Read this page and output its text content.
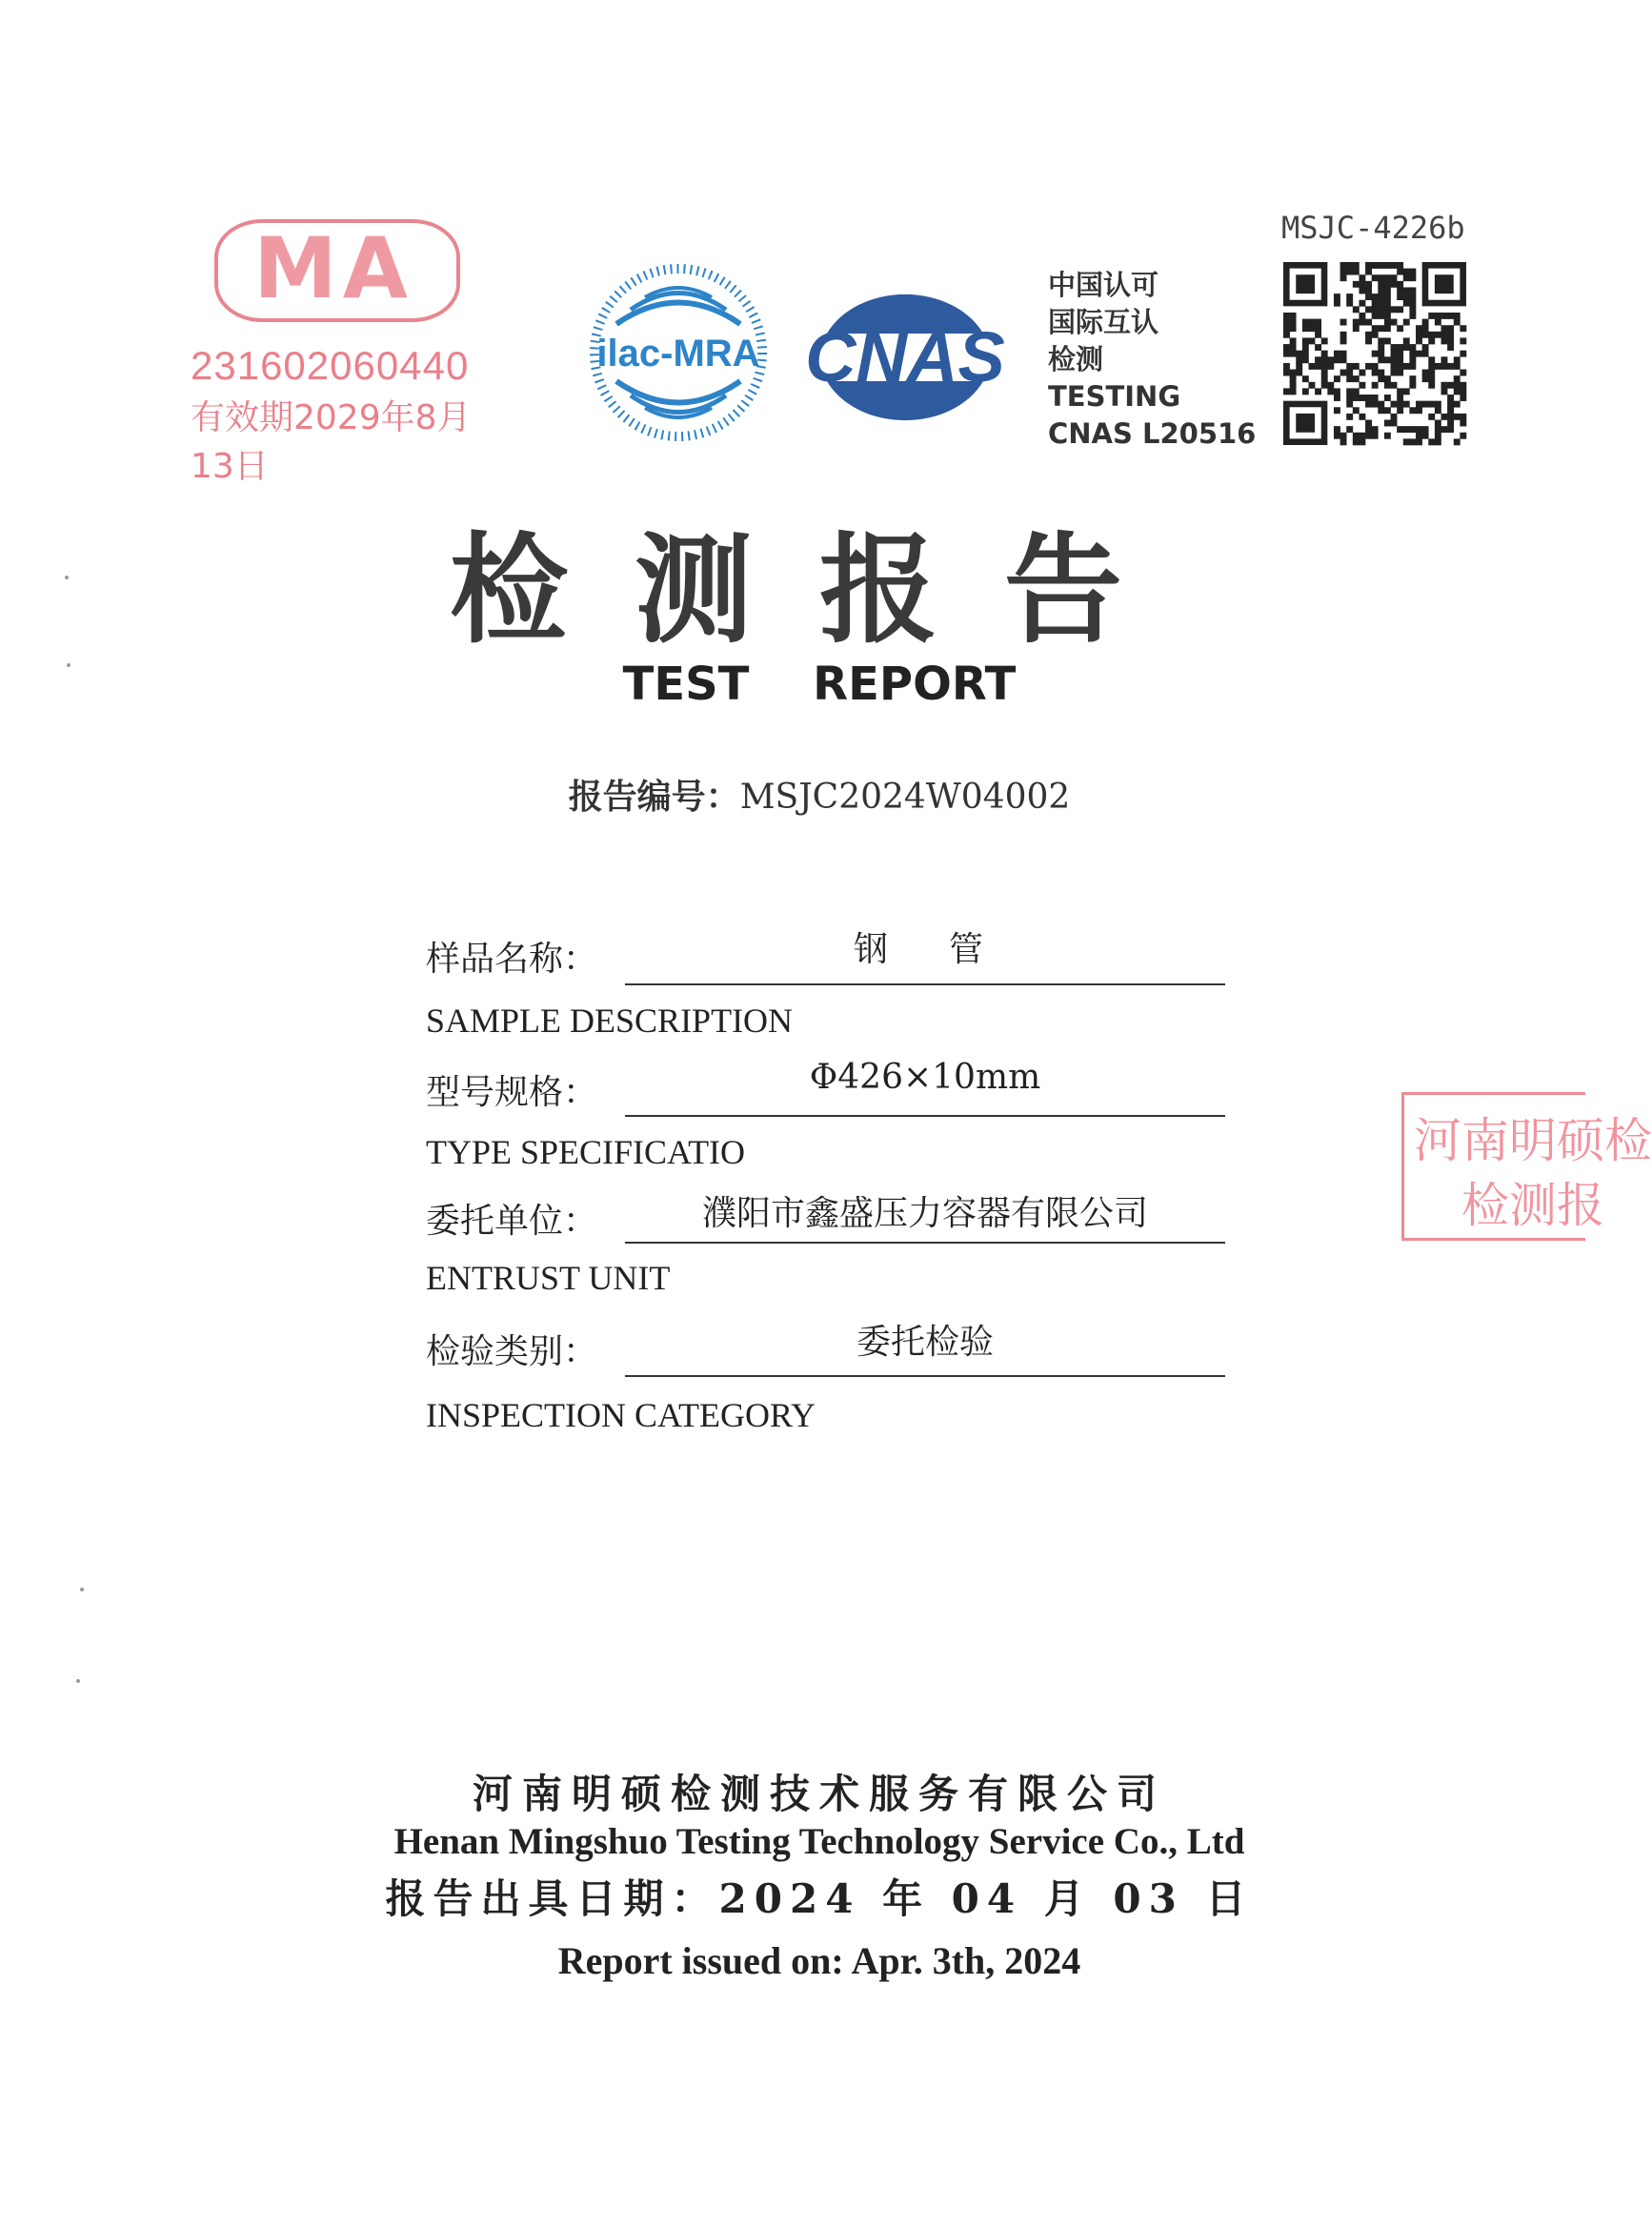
MA
231602060440
有效期2029年8月13日
ilac-MRA CNAS
中国认可
国际互认
检测
TESTING
CNAS L20516
MSJC-4226b
检测报告
TEST REPORT
报告编号：MSJC2024W04002
样品名称：	钢　管
SAMPLE DESCRIPTION
型号规格：	Φ426×10mm
TYPE SPECIFICATIO
委托单位：	濮阳市鑫盛压力容器有限公司
ENTRUST UNIT
检验类别：	委托检验
INSPECTION CATEGORY
河南明硕检
检测报
河南明硕检测技术服务有限公司
Henan Mingshuo Testing Technology Service Co., Ltd
报告出具日期：2024 年 04 月 03 日
Report issued on: Apr. 3th, 2024
